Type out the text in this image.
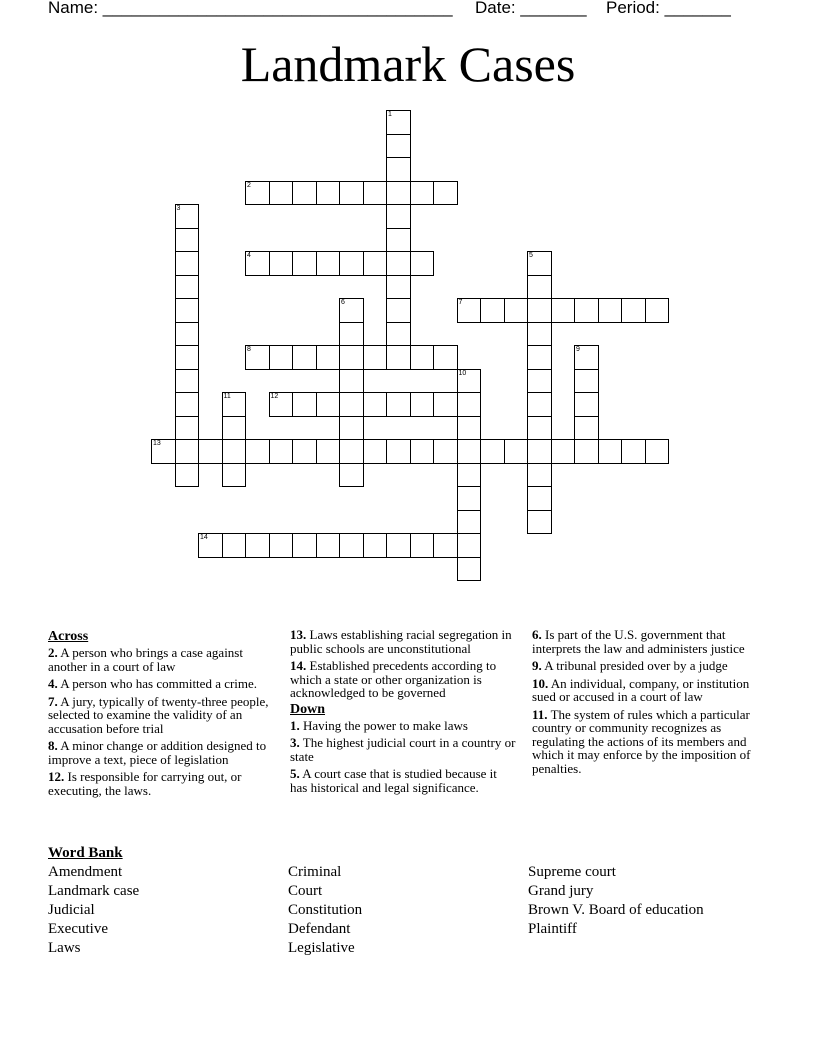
Name: _____________________________________ Date: _______ Period: _______
Landmark Cases
1
2
3
4	5
6	7
8	9
10
11	12
13
14
Across
2. A person who brings a case against another in a court of law
4. A person who has committed a crime.
7. A jury, typically of twenty-three people, selected to examine the validity of an accusation before trial
8. A minor change or addition designed to improve a text, piece of legislation
12. Is responsible for carrying out, or executing, the laws.
13. Laws establishing racial segregation in public schools are unconstitutional
14. Established precedents according to which a state or other organization is acknowledged to be governed
Down
1. Having the power to make laws
3. The highest judicial court in a country or state
5. A court case that is studied because it has historical and legal significance.
6. Is part of the U.S. government that interprets the law and administers justice
9. A tribunal presided over by a judge
10. An individual, company, or institution sued or accused in a court of law
11. The system of rules which a particular country or community recognizes as regulating the actions of its members and which it may enforce by the imposition of penalties.
Word Bank
Amendment
Landmark case
Judicial
Executive
Laws
Criminal
Court
Constitution
Defendant
Legislative
Supreme court
Grand jury
Brown V. Board of education
Plaintiff
